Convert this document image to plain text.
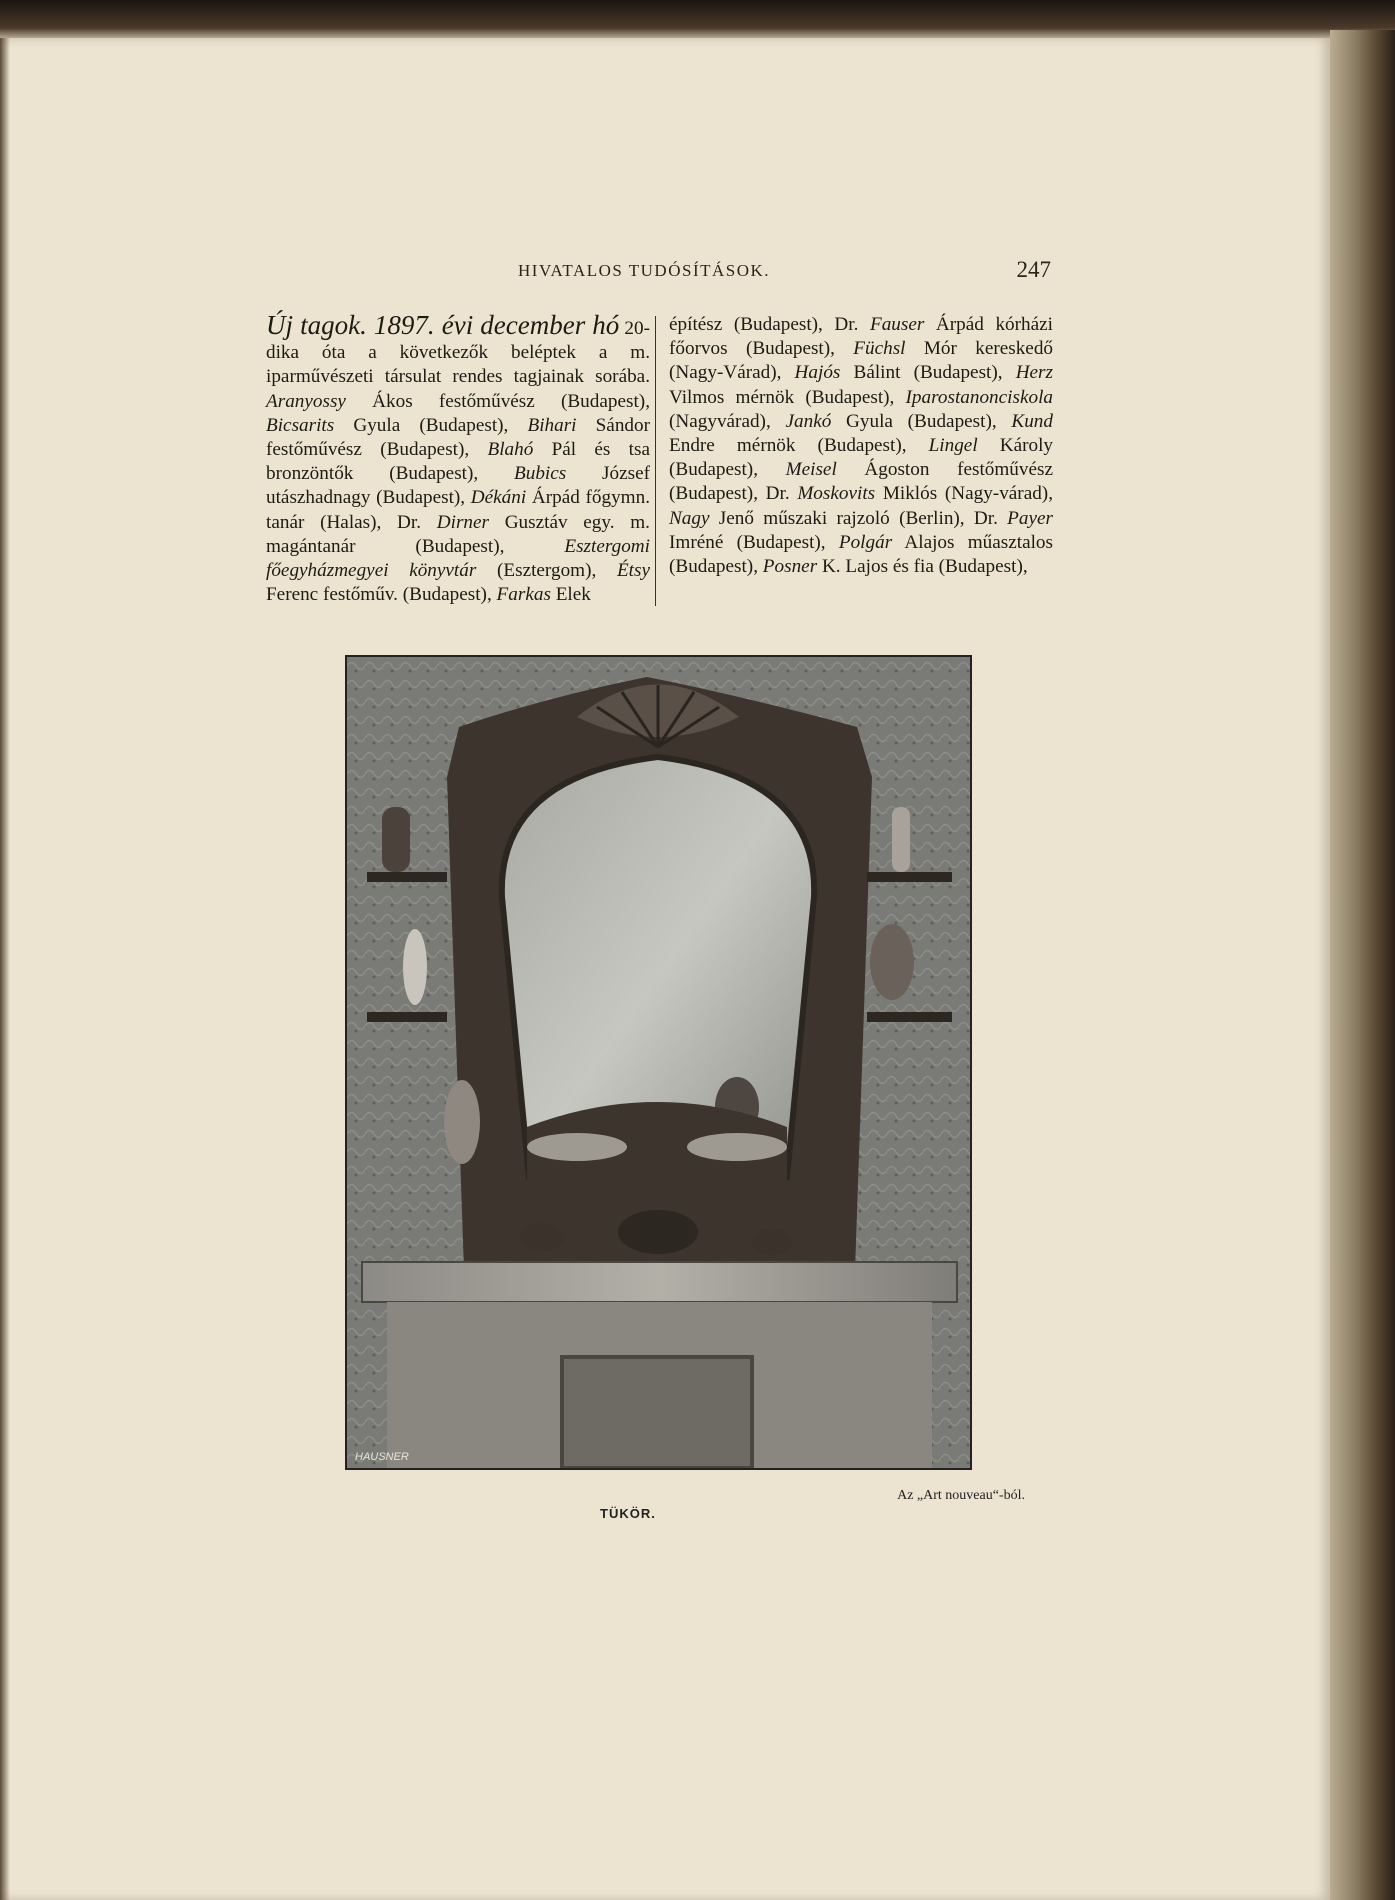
HIVATALOS TUDÓSÍTÁSOK.	247
Új tagok. 1897. évi december hó 20-dika óta a következők beléptek a m. iparművészeti társulat rendes tagjainak sorába. Aranyossy Ákos festőművész (Budapest), Bicsarits Gyula (Budapest), Bihari Sándor festőművész (Budapest), Blahó Pál és tsa bronzöntők (Budapest), Bubics József utászhadnagy (Budapest), Dékáni Árpád főgymn. tanár (Halas), Dr. Dirner Gusztáv egy. m. magántanár (Budapest), Esztergomi főegyházmegyei könyvtár (Esztergom), Étsy Ferenc festőműv. (Budapest), Farkas Elek
építész (Budapest), Dr. Fauser Árpád kórházi főorvos (Budapest), Füchsl Mór kereskedő (Nagy-Várad), Hajós Bálint (Budapest), Herz Vilmos mérnök (Budapest), Iparostanonciskola (Nagyvárad), Jankó Gyula (Budapest), Kund Endre mérnök (Budapest), Lingel Károly (Budapest), Meisel Ágoston festőművész (Budapest), Dr. Moskovits Miklós (Nagy-várad), Nagy Jenő műszaki rajzoló (Berlin), Dr. Payer Imréné (Budapest), Polgár Alajos műasztalos (Budapest), Posner K. Lajos és fia (Budapest),
HAUSNER
Az „Art nouveau“-ból.
TÜKÖR.
